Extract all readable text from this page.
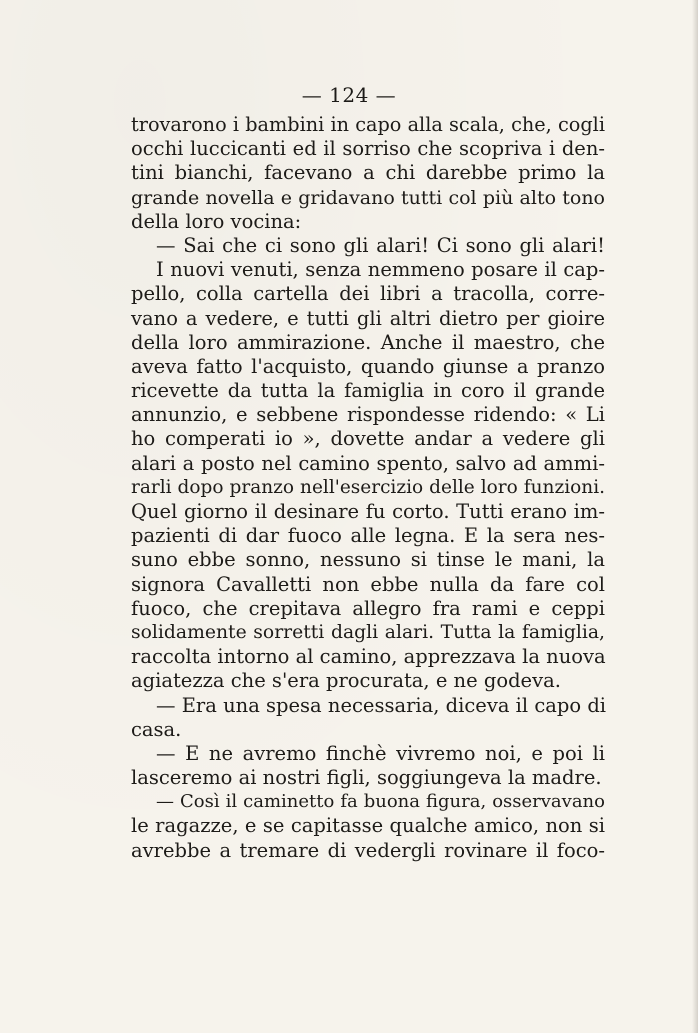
— 124 —
trovarono i bambini in capo alla scala, che, cogli
occhi luccicanti ed il sorriso che scopriva i den-
tini bianchi, facevano a chi darebbe primo la
grande novella e gridavano tutti col più alto tono
della loro vocina:
— Sai che ci sono gli alari! Ci sono gli alari!
I nuovi venuti, senza nemmeno posare il cap-
pello, colla cartella dei libri a tracolla, corre-
vano a vedere, e tutti gli altri dietro per gioire
della loro ammirazione. Anche il maestro, che
aveva fatto l'acquisto, quando giunse a pranzo
ricevette da tutta la famiglia in coro il grande
annunzio, e sebbene rispondesse ridendo: « Li
ho comperati io », dovette andar a vedere gli
alari a posto nel camino spento, salvo ad ammi-
rarli dopo pranzo nell'esercizio delle loro funzioni.
Quel giorno il desinare fu corto. Tutti erano im-
pazienti di dar fuoco alle legna. E la sera nes-
suno ebbe sonno, nessuno si tinse le mani, la
signora Cavalletti non ebbe nulla da fare col
fuoco, che crepitava allegro fra rami e ceppi
solidamente sorretti dagli alari. Tutta la famiglia,
raccolta intorno al camino, apprezzava la nuova
agiatezza che s'era procurata, e ne godeva.
— Era una spesa necessaria, diceva il capo di
casa.
— E ne avremo finchè vivremo noi, e poi li
lasceremo ai nostri figli, soggiungeva la madre.
— Così il caminetto fa buona figura, osservavano
le ragazze, e se capitasse qualche amico, non si
avrebbe a tremare di vedergli rovinare il foco-
